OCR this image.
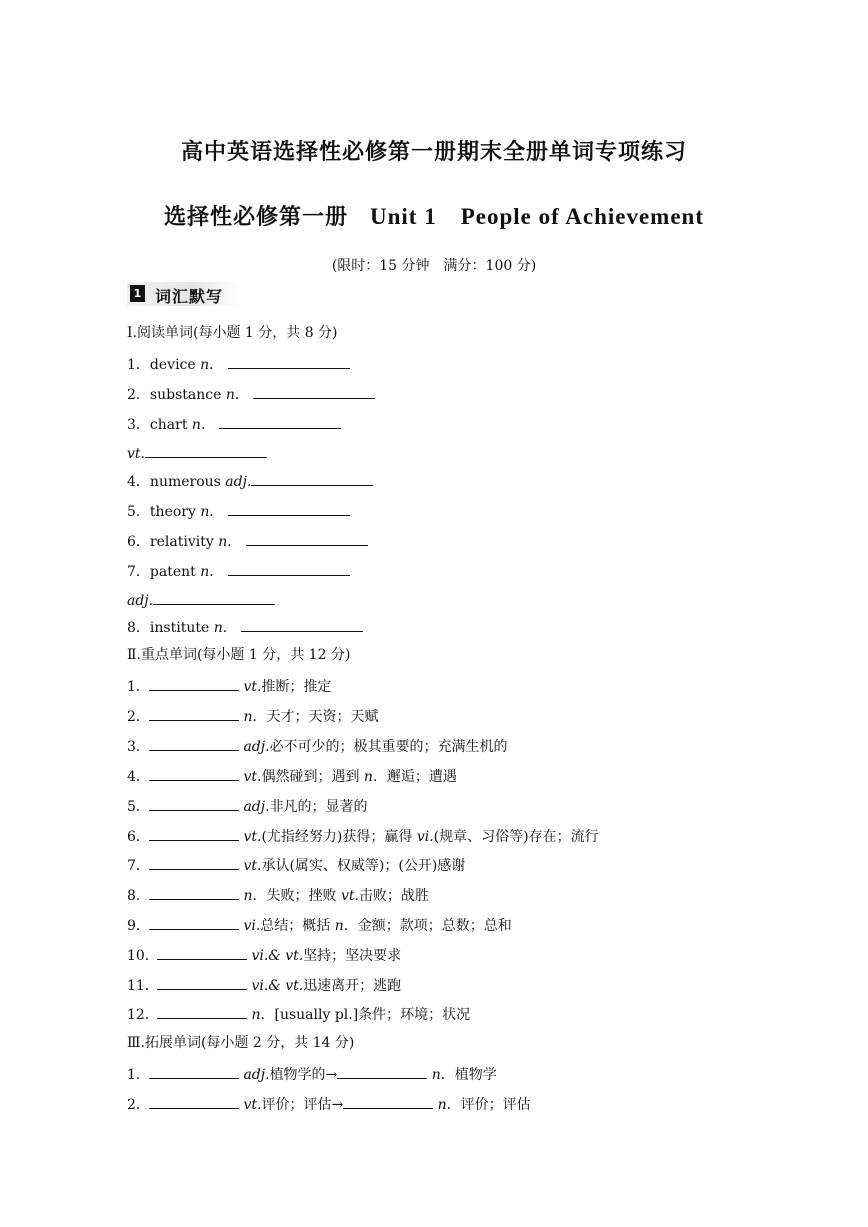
高中英语选择性必修第一册期末全册单词专项练习
选择性必修第一册 Unit 1　People of Achievement
(限时：15 分钟　满分：100 分)
1 词汇默写
Ⅰ.阅读单词(每小题 1 分，共 8 分)
1．device n．
2．substance n．
3．chart n．
vt.
4．numerous adj.
5．theory n．
6．relativity n．
7．patent n．
adj.
8．institute n．
Ⅱ.重点单词(每小题 1 分，共 12 分)
1．	vt.推断；推定
2．	n．天才；天资；天赋
3．	adj.必不可少的；极其重要的；充满生机的
4．	vt.偶然碰到；遇到 n．邂逅；遭遇
5．	adj.非凡的；显著的
6．	vt.(尤指经努力)获得；赢得 vi.(规章、习俗等)存在；流行
7．	vt.承认(属实、权威等)；(公开)感谢
8．	n．失败；挫败 vt.击败；战胜
9．	vi.总结；概括 n．金额；款项；总数；总和
10．	vi.& vt.坚持；坚决要求
11．	vi.& vt.迅速离开；逃跑
12．	n．[usually pl.]条件；环境；状况
Ⅲ.拓展单词(每小题 2 分，共 14 分)
1．	adj.植物学的→	n．植物学
2．	vt.评价；评估→	n．评价；评估
